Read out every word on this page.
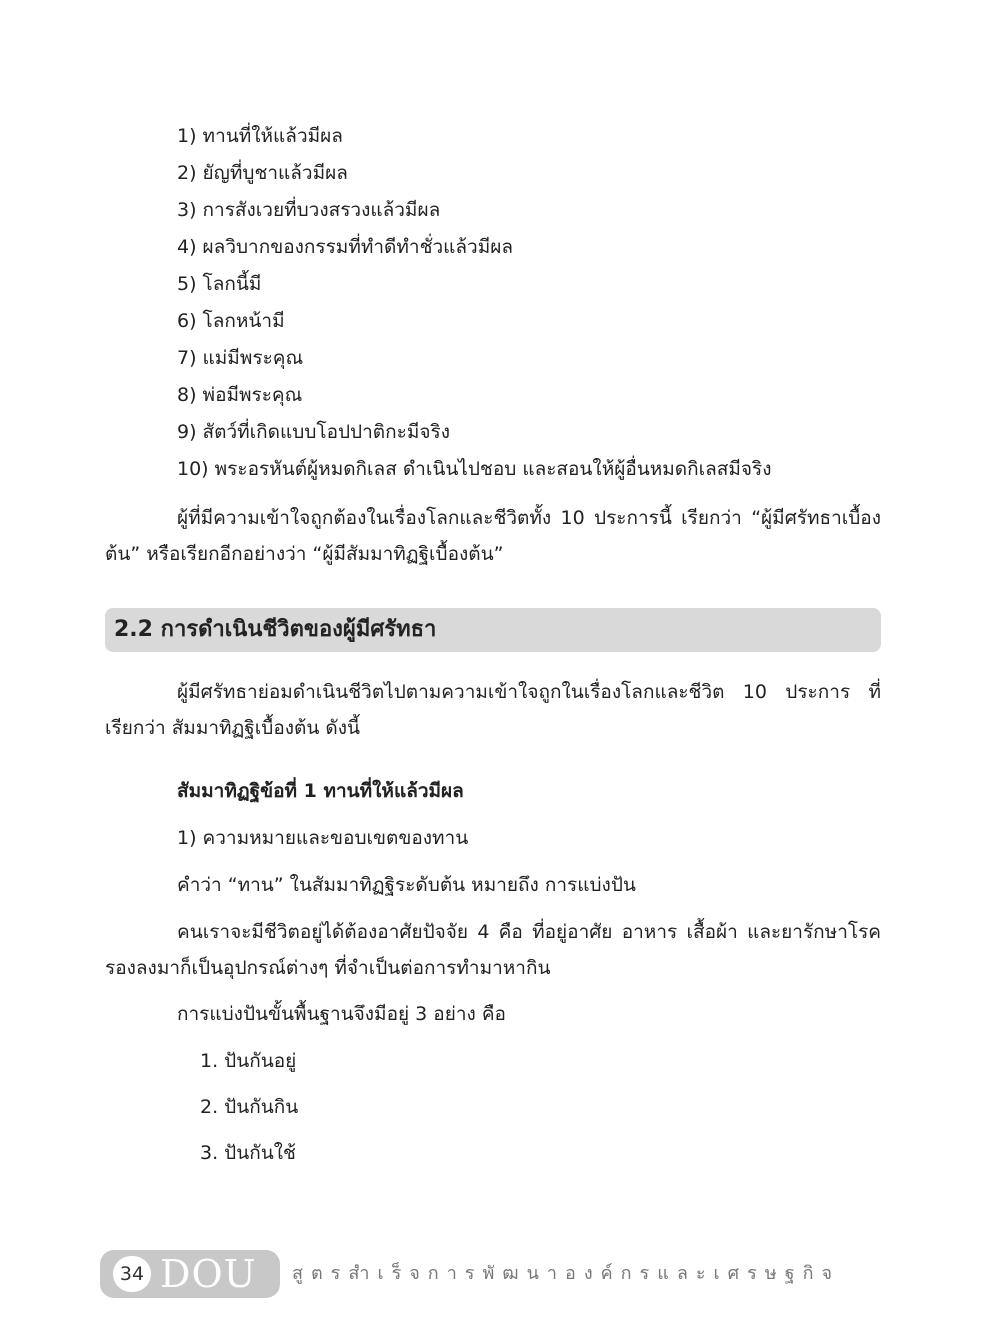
1) ทานที่ให้แล้วมีผล
2) ยัญที่บูชาแล้วมีผล
3) การสังเวยที่บวงสรวงแล้วมีผล
4) ผลวิบากของกรรมที่ทำดีทำชั่วแล้วมีผล
5) โลกนี้มี
6) โลกหน้ามี
7) แม่มีพระคุณ
8) พ่อมีพระคุณ
9) สัตว์ที่เกิดแบบโอปปาติกะมีจริง
10) พระอรหันต์ผู้หมดกิเลส ดำเนินไปชอบ และสอนให้ผู้อื่นหมดกิเลสมีจริง
ผู้ที่มีความเข้าใจถูกต้องในเรื่องโลกและชีวิตทั้ง 10 ประการนี้ เรียกว่า “ผู้มีศรัทธาเบื้องต้น” หรือเรียกอีกอย่างว่า “ผู้มีสัมมาทิฏฐิเบื้องต้น”
2.2 การดำเนินชีวิตของผู้มีศรัทธา
ผู้มีศรัทธาย่อมดำเนินชีวิตไปตามความเข้าใจถูกในเรื่องโลกและชีวิต 10 ประการ ที่เรียกว่า สัมมาทิฏฐิเบื้องต้น ดังนี้
สัมมาทิฏฐิข้อที่ 1 ทานที่ให้แล้วมีผล
1) ความหมายและขอบเขตของทาน
คำว่า “ทาน” ในสัมมาทิฏฐิระดับต้น หมายถึง การแบ่งปัน
คนเราจะมีชีวิตอยู่ได้ต้องอาศัยปัจจัย 4 คือ ที่อยู่อาศัย อาหาร เสื้อผ้า และยารักษาโรค รองลงมาก็เป็นอุปกรณ์ต่างๆ ที่จำเป็นต่อการทำมาหากิน
การแบ่งปันขั้นพื้นฐานจึงมีอยู่ 3 อย่าง คือ
1. ปันกันอยู่
2. ปันกันกิน
3. ปันกันใช้
34 DOU สูตรสำเร็จการพัฒนาองค์กรและเศรษฐกิจ
